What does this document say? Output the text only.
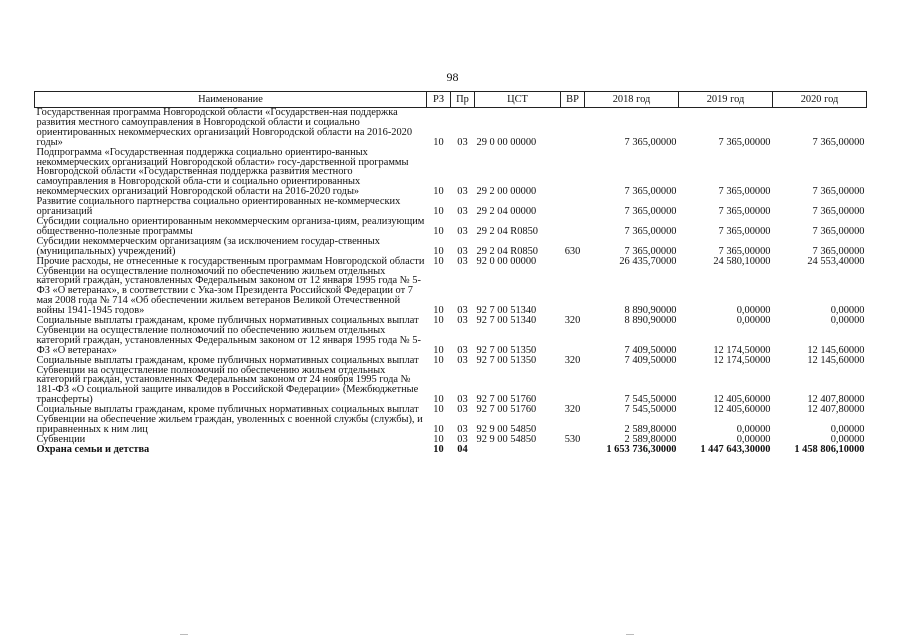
98
Наименование	РЗ	Пр	ЦСТ	ВР	2018 год	2019 год	2020 год
Государственная программа Новгородской области «Государствен-ная поддержка развития местного самоуправления в Новгородской области и социально ориентированных некоммерческих организаций Новгородской области на 2016-2020 годы»	10	03	29 0 00 00000		7 365,00000	7 365,00000	7 365,00000
Подпрограмма «Государственная поддержка социально ориентиро-ванных некоммерческих организаций Новгородской области» госу-дарственной программы Новгородской области «Государственная поддержка развития местного самоуправления в Новгородской обла-сти и социально ориентированных некоммерческих организаций Новгородской области на 2016-2020 годы»	10	03	29 2 00 00000		7 365,00000	7 365,00000	7 365,00000
Развитие социального партнерства социально ориентированных не-коммерческих организаций	10	03	29 2 04 00000		7 365,00000	7 365,00000	7 365,00000
Субсидии социально ориентированным некоммерческим организа-циям, реализующим общественно-полезные программы	10	03	29 2 04 R0850		7 365,00000	7 365,00000	7 365,00000
Субсидии некоммерческим организациям (за исключением государ-ственных (муниципальных) учреждений)	10	03	29 2 04 R0850	630	7 365,00000	7 365,00000	7 365,00000
Прочие расходы, не отнесенные к государственным программам Новгородской области	10	03	92 0 00 00000		26 435,70000	24 580,10000	24 553,40000
Субвенции на осуществление полномочий по обеспечению жильем отдельных категорий граждан, установленных Федеральным законом от 12 января 1995 года № 5-ФЗ «О ветеранах», в соответствии с Ука-зом Президента Российской Федерации от 7 мая 2008 года № 714 «Об обеспечении жильем ветеранов Великой Отечественной войны 1941-1945 годов»	10	03	92 7 00 51340		8 890,90000	0,00000	0,00000
Социальные выплаты гражданам, кроме публичных нормативных социальных выплат	10	03	92 7 00 51340	320	8 890,90000	0,00000	0,00000
Субвенции на осуществление полномочий по обеспечению жильем отдельных категорий граждан, установленных Федеральным законом от 12 января 1995 года № 5-ФЗ «О ветеранах»	10	03	92 7 00 51350		7 409,50000	12 174,50000	12 145,60000
Социальные выплаты гражданам, кроме публичных нормативных социальных выплат	10	03	92 7 00 51350	320	7 409,50000	12 174,50000	12 145,60000
Субвенции на осуществление полномочий по обеспечению жильем отдельных категорий граждан, установленных Федеральным законом от 24 ноября 1995 года № 181-ФЗ «О социальной защите инвалидов в Российской Федерации» (Межбюджетные трансферты)	10	03	92 7 00 51760		7 545,50000	12 405,60000	12 407,80000
Социальные выплаты гражданам, кроме публичных нормативных социальных выплат	10	03	92 7 00 51760	320	7 545,50000	12 405,60000	12 407,80000
Субвенции на обеспечение жильем граждан, уволенных с военной службы (службы), и приравненных к ним лиц	10	03	92 9 00 54850		2 589,80000	0,00000	0,00000
Субвенции	10	03	92 9 00 54850	530	2 589,80000	0,00000	0,00000
Охрана семьи и детства	10	04			1 653 736,30000	1 447 643,30000	1 458 806,10000
